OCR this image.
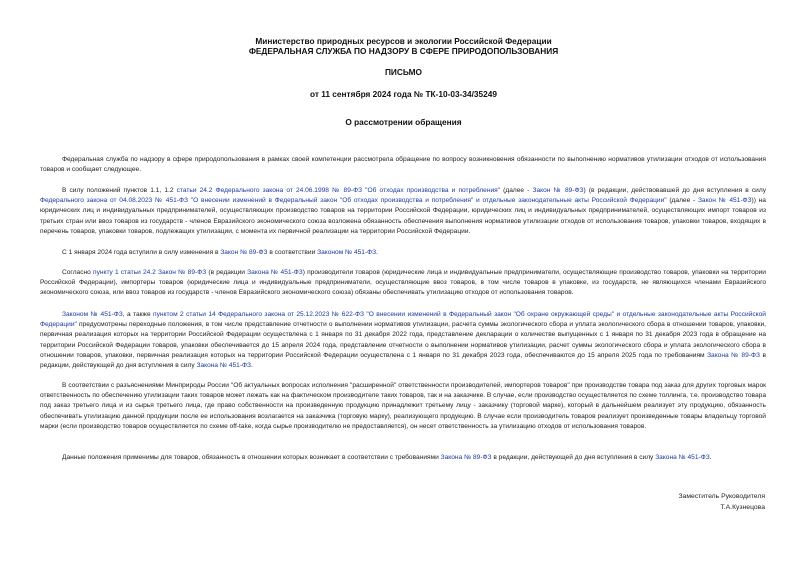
Министерство природных ресурсов и экологии Российской Федерации
ФЕДЕРАЛЬНАЯ СЛУЖБА ПО НАДЗОРУ В СФЕРЕ ПРИРОДОПОЛЬЗОВАНИЯ
ПИСЬМО
от 11 сентября 2024 года № ТК-10-03-34/35249
О рассмотрении обращения
Федеральная служба по надзору в сфере природопользования в рамках своей компетенции рассмотрела обращение по вопросу возникновения обязанности по выполнению нормативов утилизации отходов от использования товаров и сообщает следующее.
В силу положений пунктов 1.1, 1.2 статьи 24.2 Федерального закона от 24.06.1998 № 89-ФЗ "Об отходах производства и потребления" (далее - Закон № 89-ФЗ) (в редакции, действовавшей до дня вступления в силу Федерального закона от 04.08.2023 № 451-ФЗ "О внесении изменений в Федеральный закон "Об отходах производства и потребления" и отдельные законодательные акты Российской Федерации" (далее - Закон № 451-ФЗ)) на юридических лиц и индивидуальных предпринимателей, осуществляющих производство товаров на территории Российской Федерации, юридических лиц и индивидуальных предпринимателей, осуществляющих импорт товаров из третьих стран или ввоз товаров из государств - членов Евразийского экономического союза возложена обязанность обеспечения выполнения нормативов утилизации отходов от использования товаров, упаковки товаров, входящих в перечень товаров, упаковки товаров, подлежащих утилизации, с момента их первичной реализации на территории Российской Федерации.
С 1 января 2024 года вступили в силу изменения в Закон № 89-ФЗ в соответствии Законом № 451-ФЗ.
Согласно пункту 1 статьи 24.2 Закон № 89-ФЗ (в редакции Закона № 451-ФЗ) производители товаров (юридические лица и индивидуальные предприниматели, осуществляющие производство товаров, упаковки на территории Российской Федерации), импортеры товаров (юридические лица и индивидуальные предприниматели, осуществляющие ввоз товаров, в том числе товаров в упаковке, из государств, не являющихся членами Евразийского экономического союза, или ввоз товаров из государств - членов Евразийского экономического союза) обязаны обеспечивать утилизацию отходов от использования товаров.
Законом № 451-ФЗ, а также пунктом 2 статьи 14 Федерального закона от 25.12.2023 № 622-ФЗ "О внесении изменений в Федеральный закон "Об охране окружающей среды" и отдельные законодательные акты Российской Федерации" предусмотрены переходные положения, в том числе представление отчетности о выполнении нормативов утилизации, расчета суммы экологического сбора и уплата экологического сбора в отношении товаров, упаковки, первичная реализация которых на территории Российской Федерации осуществлена с 1 января по 31 декабря 2022 года, представление декларации о количестве выпущенных с 1 января по 31 декабря 2023 года в обращение на территории Российской Федерации товаров, упаковки обеспечивается до 15 апреля 2024 года, представление отчетности о выполнении нормативов утилизации, расчет суммы экологического сбора и уплата экологического сбора в отношении товаров, упаковки, первичная реализация которых на территории Российской Федерации осуществлена с 1 января по 31 декабря 2023 года, обеспечиваются до 15 апреля 2025 года по требованиям Закона № 89-ФЗ в редакции, действующей до дня вступления в силу Закона № 451-ФЗ.
В соответствии с разъяснениями Минприроды России "Об актуальных вопросах исполнения "расширенной" ответственности производителей, импортеров товаров" при производстве товара под заказ для других торговых марок ответственность по обеспечению утилизации таких товаров может лежать как на фактическом производителе таких товаров, так и на заказчике. В случае, если производство осуществляется по схеме толлинга, т.е. производство товара под заказ третьего лица и из сырья третьего лица, где право собственности на произведенную продукцию принадлежит третьему лицу - заказчику (торговой марке), который в дальнейшем реализует эту продукцию, обязанность обеспечивать утилизацию данной продукции после ее использования возлагается на заказчика (торговую марку), реализующего продукцию. В случае если производитель товаров реализует произведенные товары владельцу торговой марки (если производство товаров осуществляется по схеме off-take, когда сырье производителю не предоставляется), он несет ответственность за утилизацию отходов от использования товаров.
Данные положения применимы для товаров, обязанность в отношении которых возникает в соответствии с требованиями Закона № 89-ФЗ в редакции, действующей до дня вступления в силу Закона № 451-ФЗ.
Заместитель Руководителя
Т.А.Кузнецова
